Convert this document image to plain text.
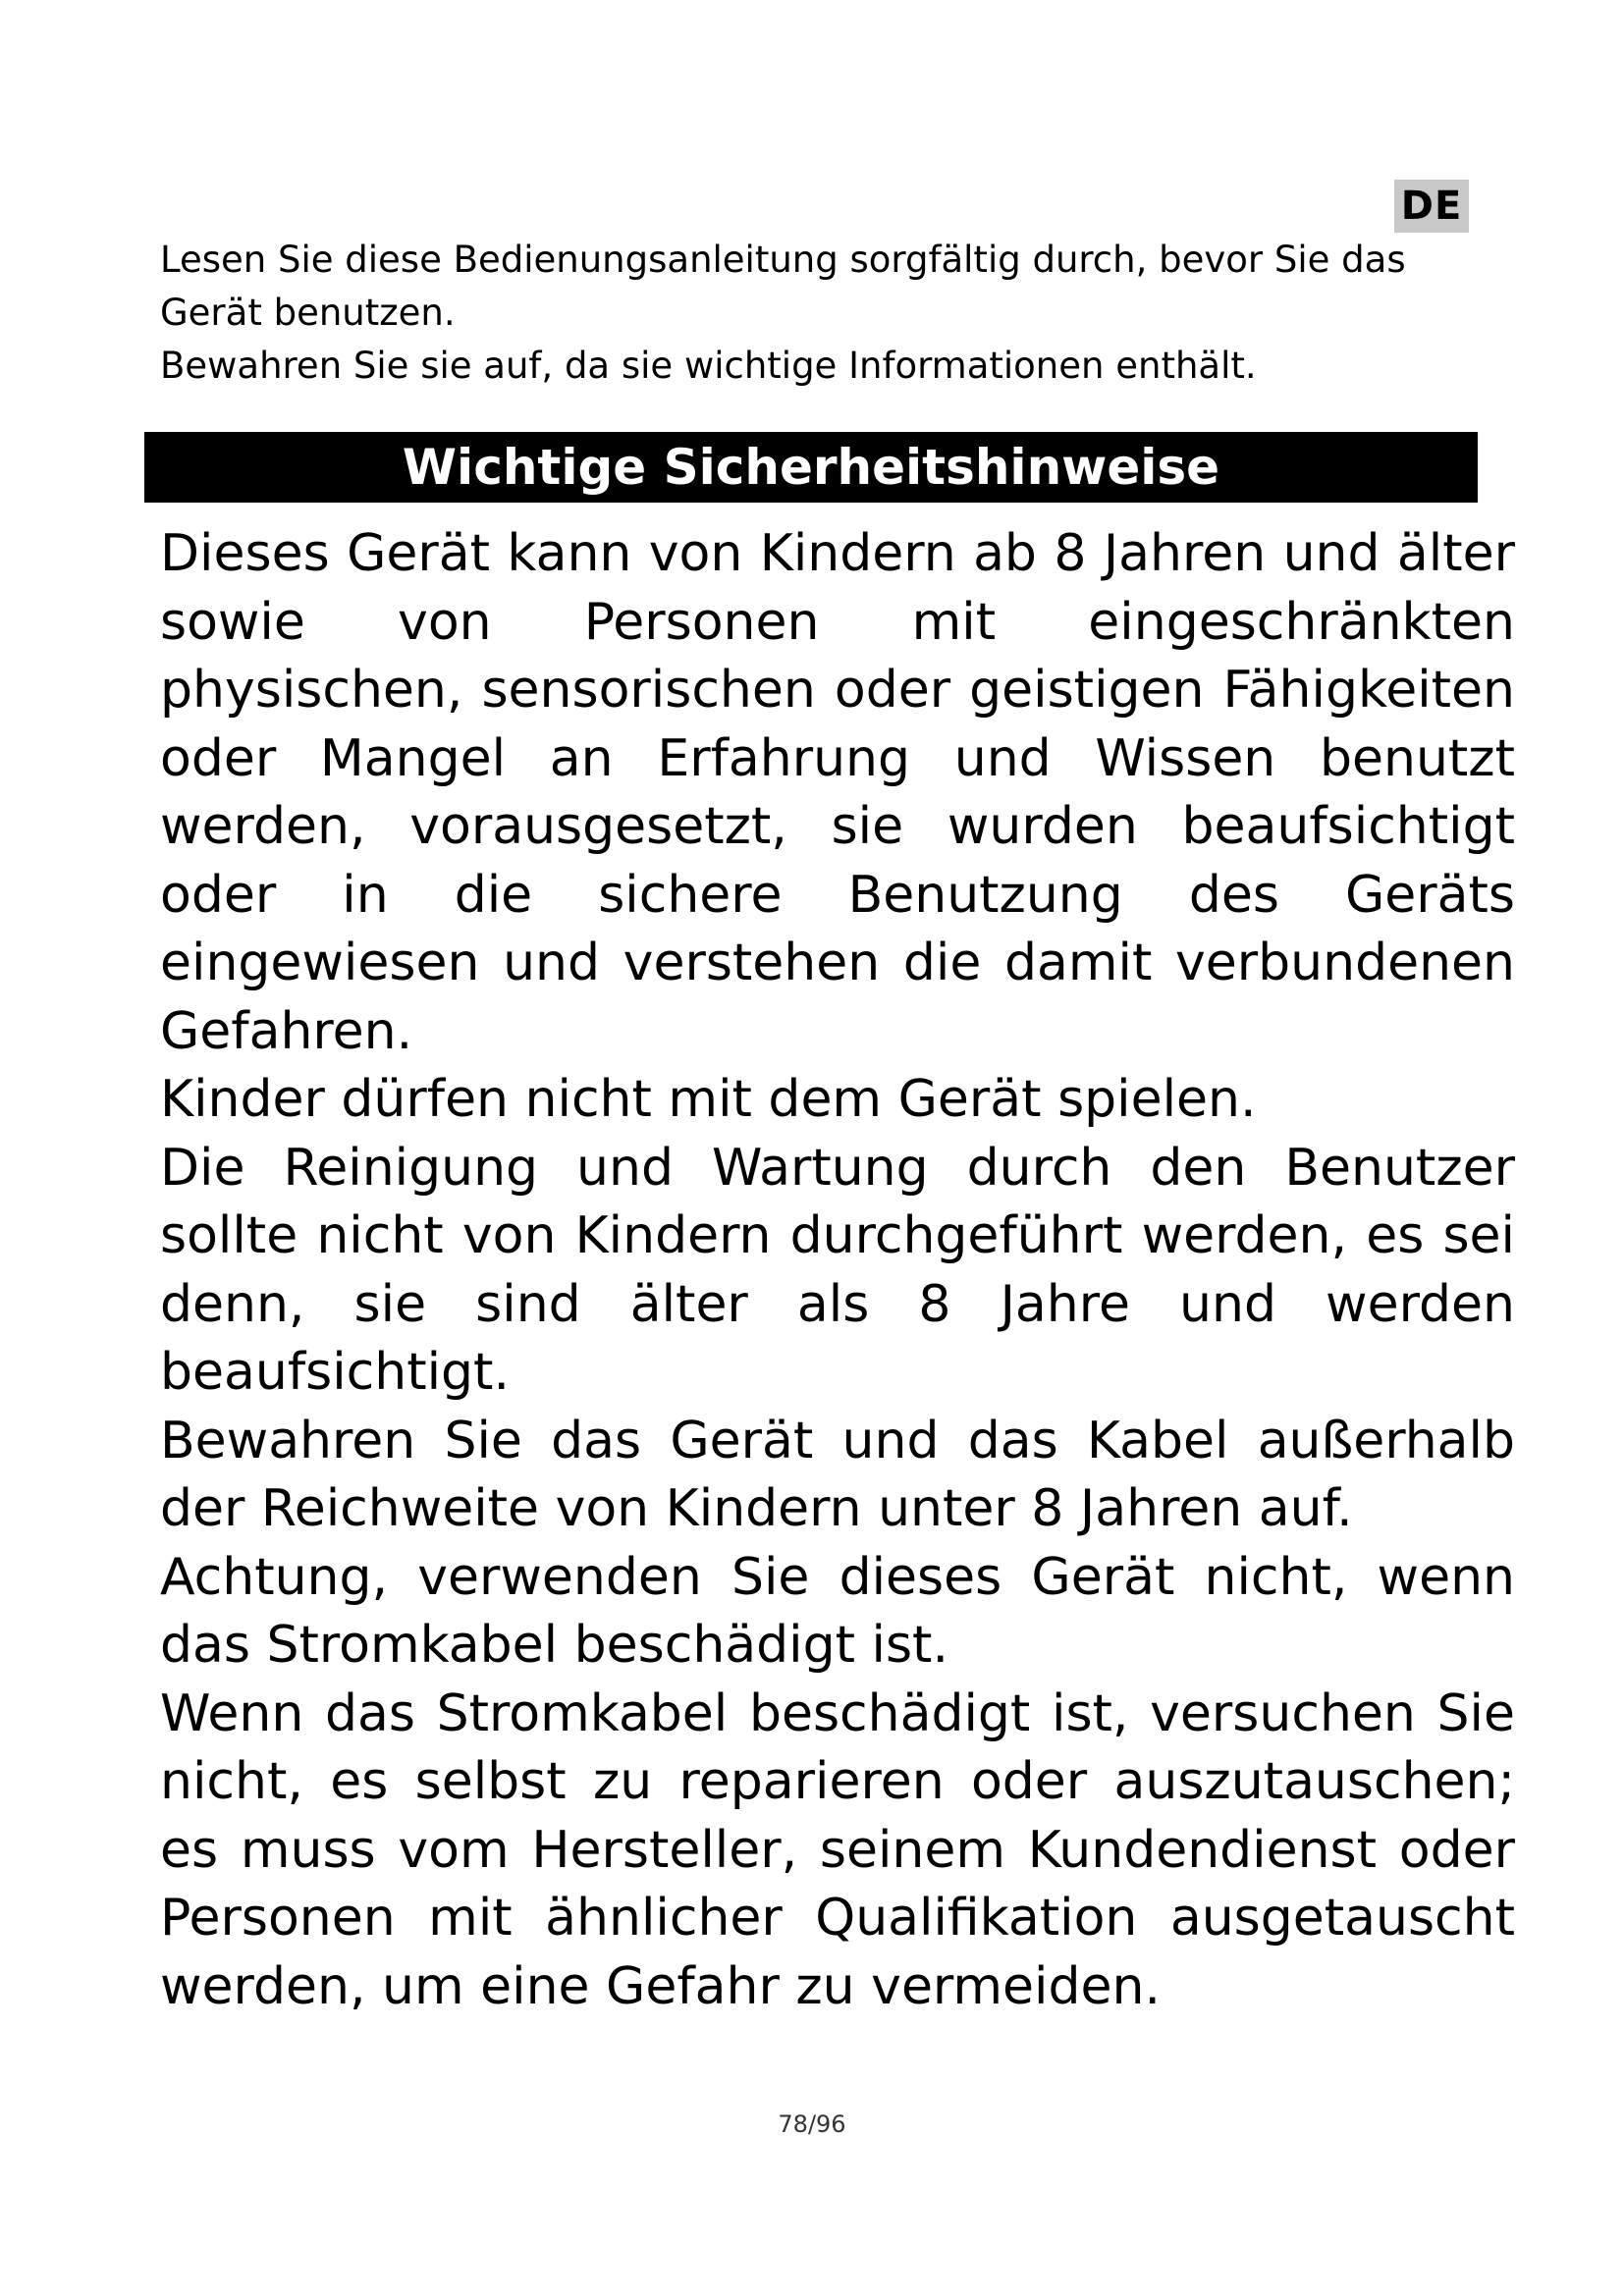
DE

Lesen Sie diese Bedienungsanleitung sorgfältig durch, bevor Sie das Gerät benutzen.

Bewahren Sie sie auf, da sie wichtige Informationen enthält.

Wichtige Sicherheitshinweise

Dieses Gerät kann von Kindern ab 8 Jahren und älter sowie von Personen mit eingeschränkten physischen, sensorischen oder geistigen Fähigkeiten oder Mangel an Erfahrung und Wissen benutzt werden, vorausgesetzt, sie wurden beaufsichtigt oder in die sichere Benutzung des Geräts eingewiesen und verstehen die damit verbundenen Gefahren.

Kinder dürfen nicht mit dem Gerät spielen.

Die Reinigung und Wartung durch den Benutzer sollte nicht von Kindern durchgeführt werden, es sei denn, sie sind älter als 8 Jahre und werden beaufsichtigt.

Bewahren Sie das Gerät und das Kabel außerhalb der Reichweite von Kindern unter 8 Jahren auf.

Achtung, verwenden Sie dieses Gerät nicht, wenn das Stromkabel beschädigt ist.

Wenn das Stromkabel beschädigt ist, versuchen Sie nicht, es selbst zu reparieren oder auszutauschen; es muss vom Hersteller, seinem Kundendienst oder Personen mit ähnlicher Qualifikation ausgetauscht werden, um eine Gefahr zu vermeiden.

78/96
